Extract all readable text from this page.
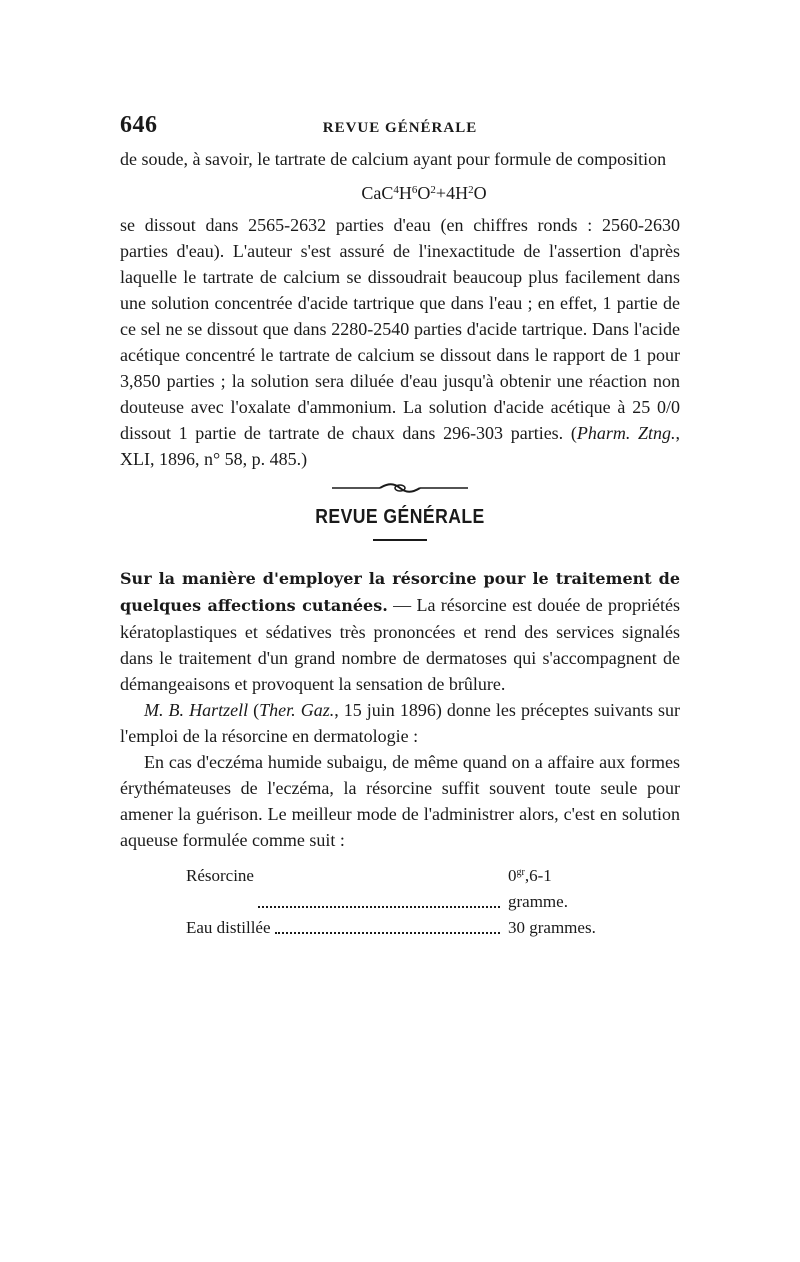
646	REVUE GÉNÉRALE

de soude, à savoir, le tartrate de calcium ayant pour formule de composition

$CaC^4H^6O^2+4H^2O$

se dissout dans 2565-2632 parties d'eau (en chiffres ronds : 2560-2630 parties d'eau). L'auteur s'est assuré de l'inexactitude de l'assertion d'après laquelle le tartrate de calcium se dissoudrait beaucoup plus facilement dans une solution concentrée d'acide tartrique que dans l'eau ; en effet, 1 partie de ce sel ne se dissout que dans 2280-2540 parties d'acide tartrique. Dans l'acide acétique concentré le tartrate de calcium se dissout dans le rapport de 1 pour 3,850 parties ; la solution sera diluée d'eau jusqu'à obtenir une réaction non douteuse avec l'oxalate d'ammonium. La solution d'acide acétique à 25 0/0 dissout 1 partie de tartrate de chaux dans 296-303 parties. (Pharm. Ztng., XLI, 1896, n° 58, p. 485.)

REVUE GÉNÉRALE

Sur la manière d'employer la résorcine pour le traitement de quelques affections cutanées. — La résorcine est douée de propriétés kératoplastiques et sédatives très prononcées et rend des services signalés dans le traitement d'un grand nombre de dermatoses qui s'accompagnent de démangeaisons et provoquent la sensation de brûlure.

M. B. Hartzell (Ther. Gaz., 15 juin 1896) donne les préceptes suivants sur l'emploi de la résorcine en dermatologie :

En cas d'eczéma humide subaigu, de même quand on a affaire aux formes érythémateuses de l'eczéma, la résorcine suffit souvent toute seule pour amener la guérison. Le meilleur mode de l'administrer alors, c'est en solution aqueuse formulée comme suit :

Résorcine	$0^{gr},6-1$ gramme.
Eau distillée	30 grammes.
